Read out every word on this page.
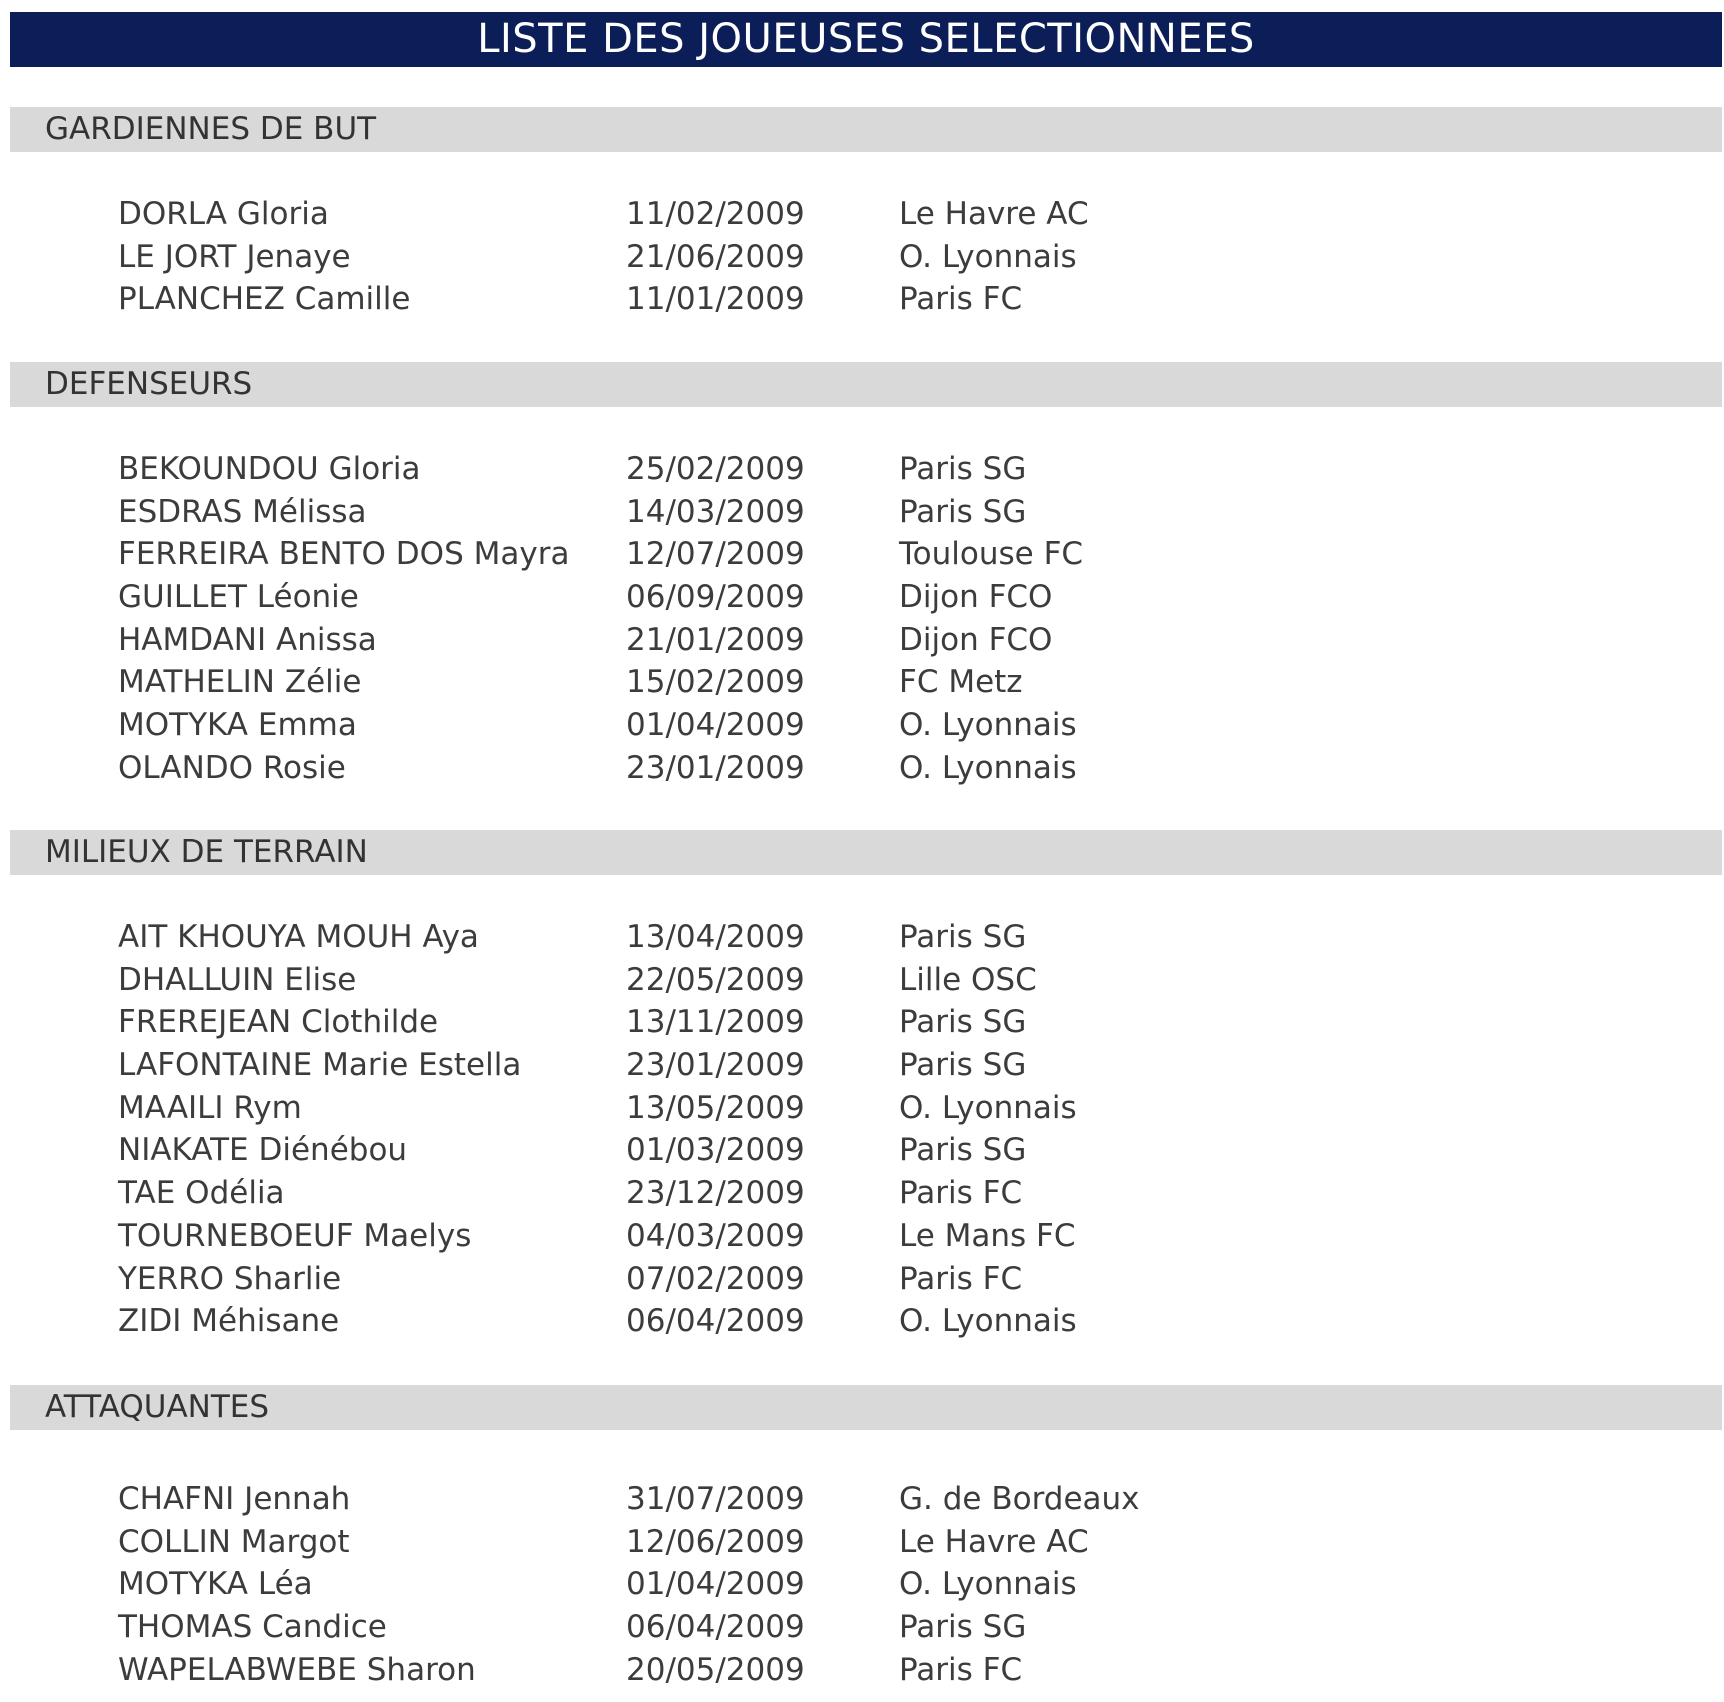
LISTE DES JOUEUSES SELECTIONNEES
GARDIENNES DE BUT
DORLA Gloria	11/02/2009	Le Havre AC
LE JORT Jenaye	21/06/2009	O. Lyonnais
PLANCHEZ Camille	11/01/2009	Paris FC
DEFENSEURS
BEKOUNDOU Gloria	25/02/2009	Paris SG
ESDRAS Mélissa	14/03/2009	Paris SG
FERREIRA BENTO DOS Mayra 12/07/2009	Toulouse FC
GUILLET Léonie	06/09/2009	Dijon FCO
HAMDANI Anissa	21/01/2009	Dijon FCO
MATHELIN Zélie	15/02/2009	FC Metz
MOTYKA Emma	01/04/2009	O. Lyonnais
OLANDO Rosie	23/01/2009	O. Lyonnais
MILIEUX DE TERRAIN
AIT KHOUYA MOUH Aya	13/04/2009	Paris SG
DHALLUIN Elise	22/05/2009	Lille OSC
FREREJEAN Clothilde	13/11/2009	Paris SG
LAFONTAINE Marie Estella	23/01/2009	Paris SG
MAAILI Rym	13/05/2009	O. Lyonnais
NIAKATE Diénébou	01/03/2009	Paris SG
TAE Odélia	23/12/2009	Paris FC
TOURNEBOEUF Maelys	04/03/2009	Le Mans FC
YERRO Sharlie	07/02/2009	Paris FC
ZIDI Méhisane	06/04/2009	O. Lyonnais
ATTAQUANTES
CHAFNI Jennah	31/07/2009	G. de Bordeaux
COLLIN Margot	12/06/2009	Le Havre AC
MOTYKA Léa	01/04/2009	O. Lyonnais
THOMAS Candice	06/04/2009	Paris SG
WAPELABWEBE Sharon	20/05/2009	Paris FC
